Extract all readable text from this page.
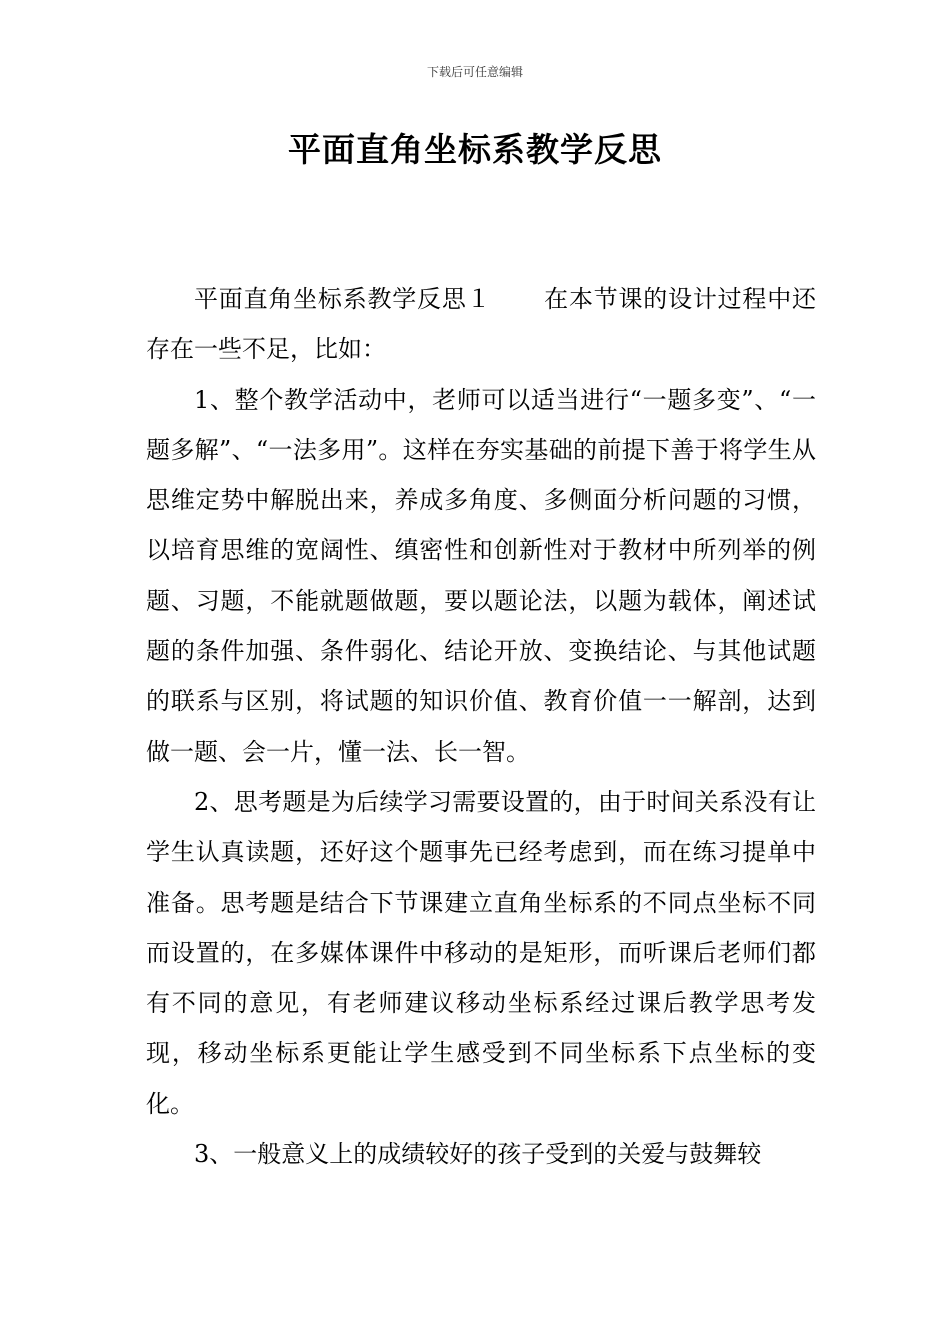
下载后可任意编辑
平面直角坐标系教学反思

平面直角坐标系教学反思１ 在本节课的设计过程中还存在一些不足，比如：

1、整个教学活动中，老师可以适当进行“一题多变”、“一题多解”、“一法多用”。这样在夯实基础的前提下善于将学生从思维定势中解脱出来，养成多角度、多侧面分析问题的习惯，以培育思维的宽阔性、缜密性和创新性对于教材中所列举的例题、习题，不能就题做题，要以题论法，以题为载体，阐述试题的条件加强、条件弱化、结论开放、变换结论、与其他试题的联系与区别，将试题的知识价值、教育价值一一解剖，达到做一题、会一片，懂一法、长一智。

2、思考题是为后续学习需要设置的，由于时间关系没有让学生认真读题，还好这个题事先已经考虑到，而在练习提单中准备。思考题是结合下节课建立直角坐标系的不同点坐标不同而设置的，在多媒体课件中移动的是矩形，而听课后老师们都有不同的意见，有老师建议移动坐标系经过课后教学思考发现，移动坐标系更能让学生感受到不同坐标系下点坐标的变化。

3、一般意义上的成绩较好的孩子受到的关爱与鼓舞较
